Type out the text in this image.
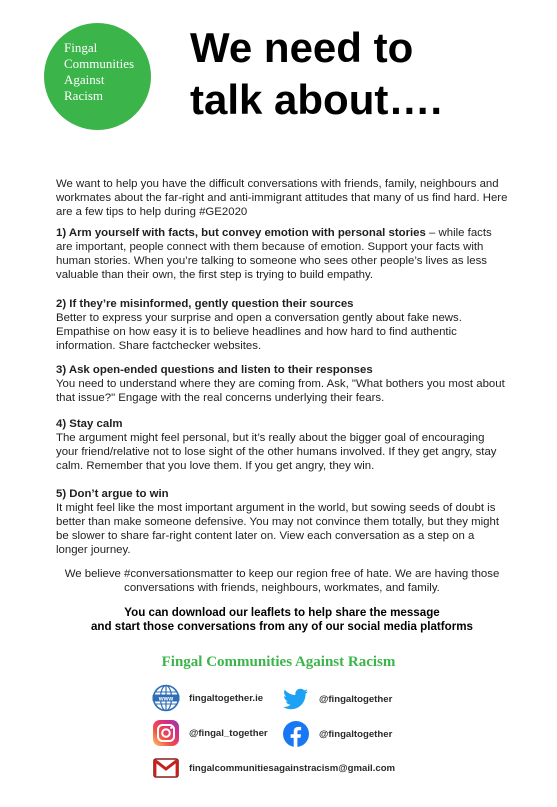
Fingal
Communities
Against
Racism
We need to
talk about….
We want to help you have the difficult conversations with friends, family, neighbours and workmates about the far-right and anti-immigrant attitudes that many of us find hard. Here are a few tips to help during #GE2020
1) Arm yourself with facts, but convey emotion with personal stories – while facts are important, people connect with them because of emotion. Support your facts with human stories. When you’re talking to someone who sees other people’s lives as less valuable than their own, the first step is trying to build empathy.
2) If they’re misinformed, gently question their sources
Better to express your surprise and open a conversation gently about fake news. Empathise on how easy it is to believe headlines and how hard to find authentic information. Share factchecker websites.
3) Ask open-ended questions and listen to their responses
You need to understand where they are coming from. Ask, "What bothers you most about that issue?" Engage with the real concerns underlying their fears.
4) Stay calm
The argument might feel personal, but it’s really about the bigger goal of encouraging your friend/relative not to lose sight of the other humans involved. If they get angry, stay calm. Remember that you love them. If you get angry, they win.
5) Don’t argue to win
It might feel like the most important argument in the world, but sowing seeds of doubt is better than make someone defensive. You may not convince them totally, but they might be slower to share far-right content later on. View each conversation as a step on a longer journey.
We believe #conversationsmatter to keep our region free of hate. We are having those conversations with friends, neighbours, workmates, and family.
You can download our leaflets to help share the message
and start those conversations from any of our social media platforms
Fingal Communities Against Racism
www fingaltogether.ie	@fingaltogether
@fingal_together	@fingaltogether
fingalcommunitiesagainstracism@gmail.com
